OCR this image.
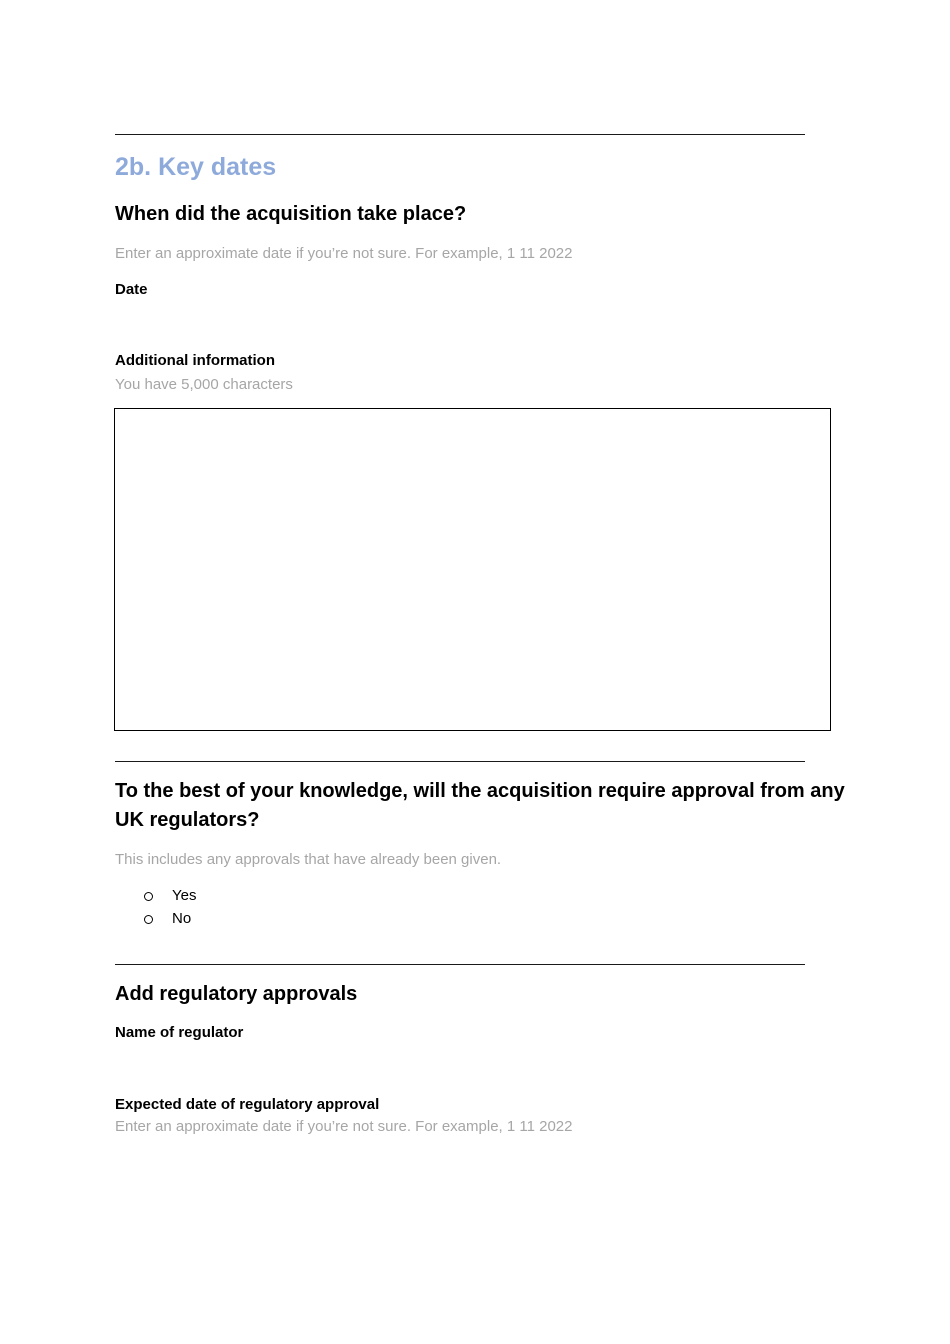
2b. Key dates
When did the acquisition take place?
Enter an approximate date if you’re not sure. For example, 1 11 2022
Date
Additional information
You have 5,000 characters
To the best of your knowledge, will the acquisition require approval from any UK regulators?
This includes any approvals that have already been given.
Yes
No
Add regulatory approvals
Name of regulator
Expected date of regulatory approval
Enter an approximate date if you’re not sure. For example, 1 11 2022
